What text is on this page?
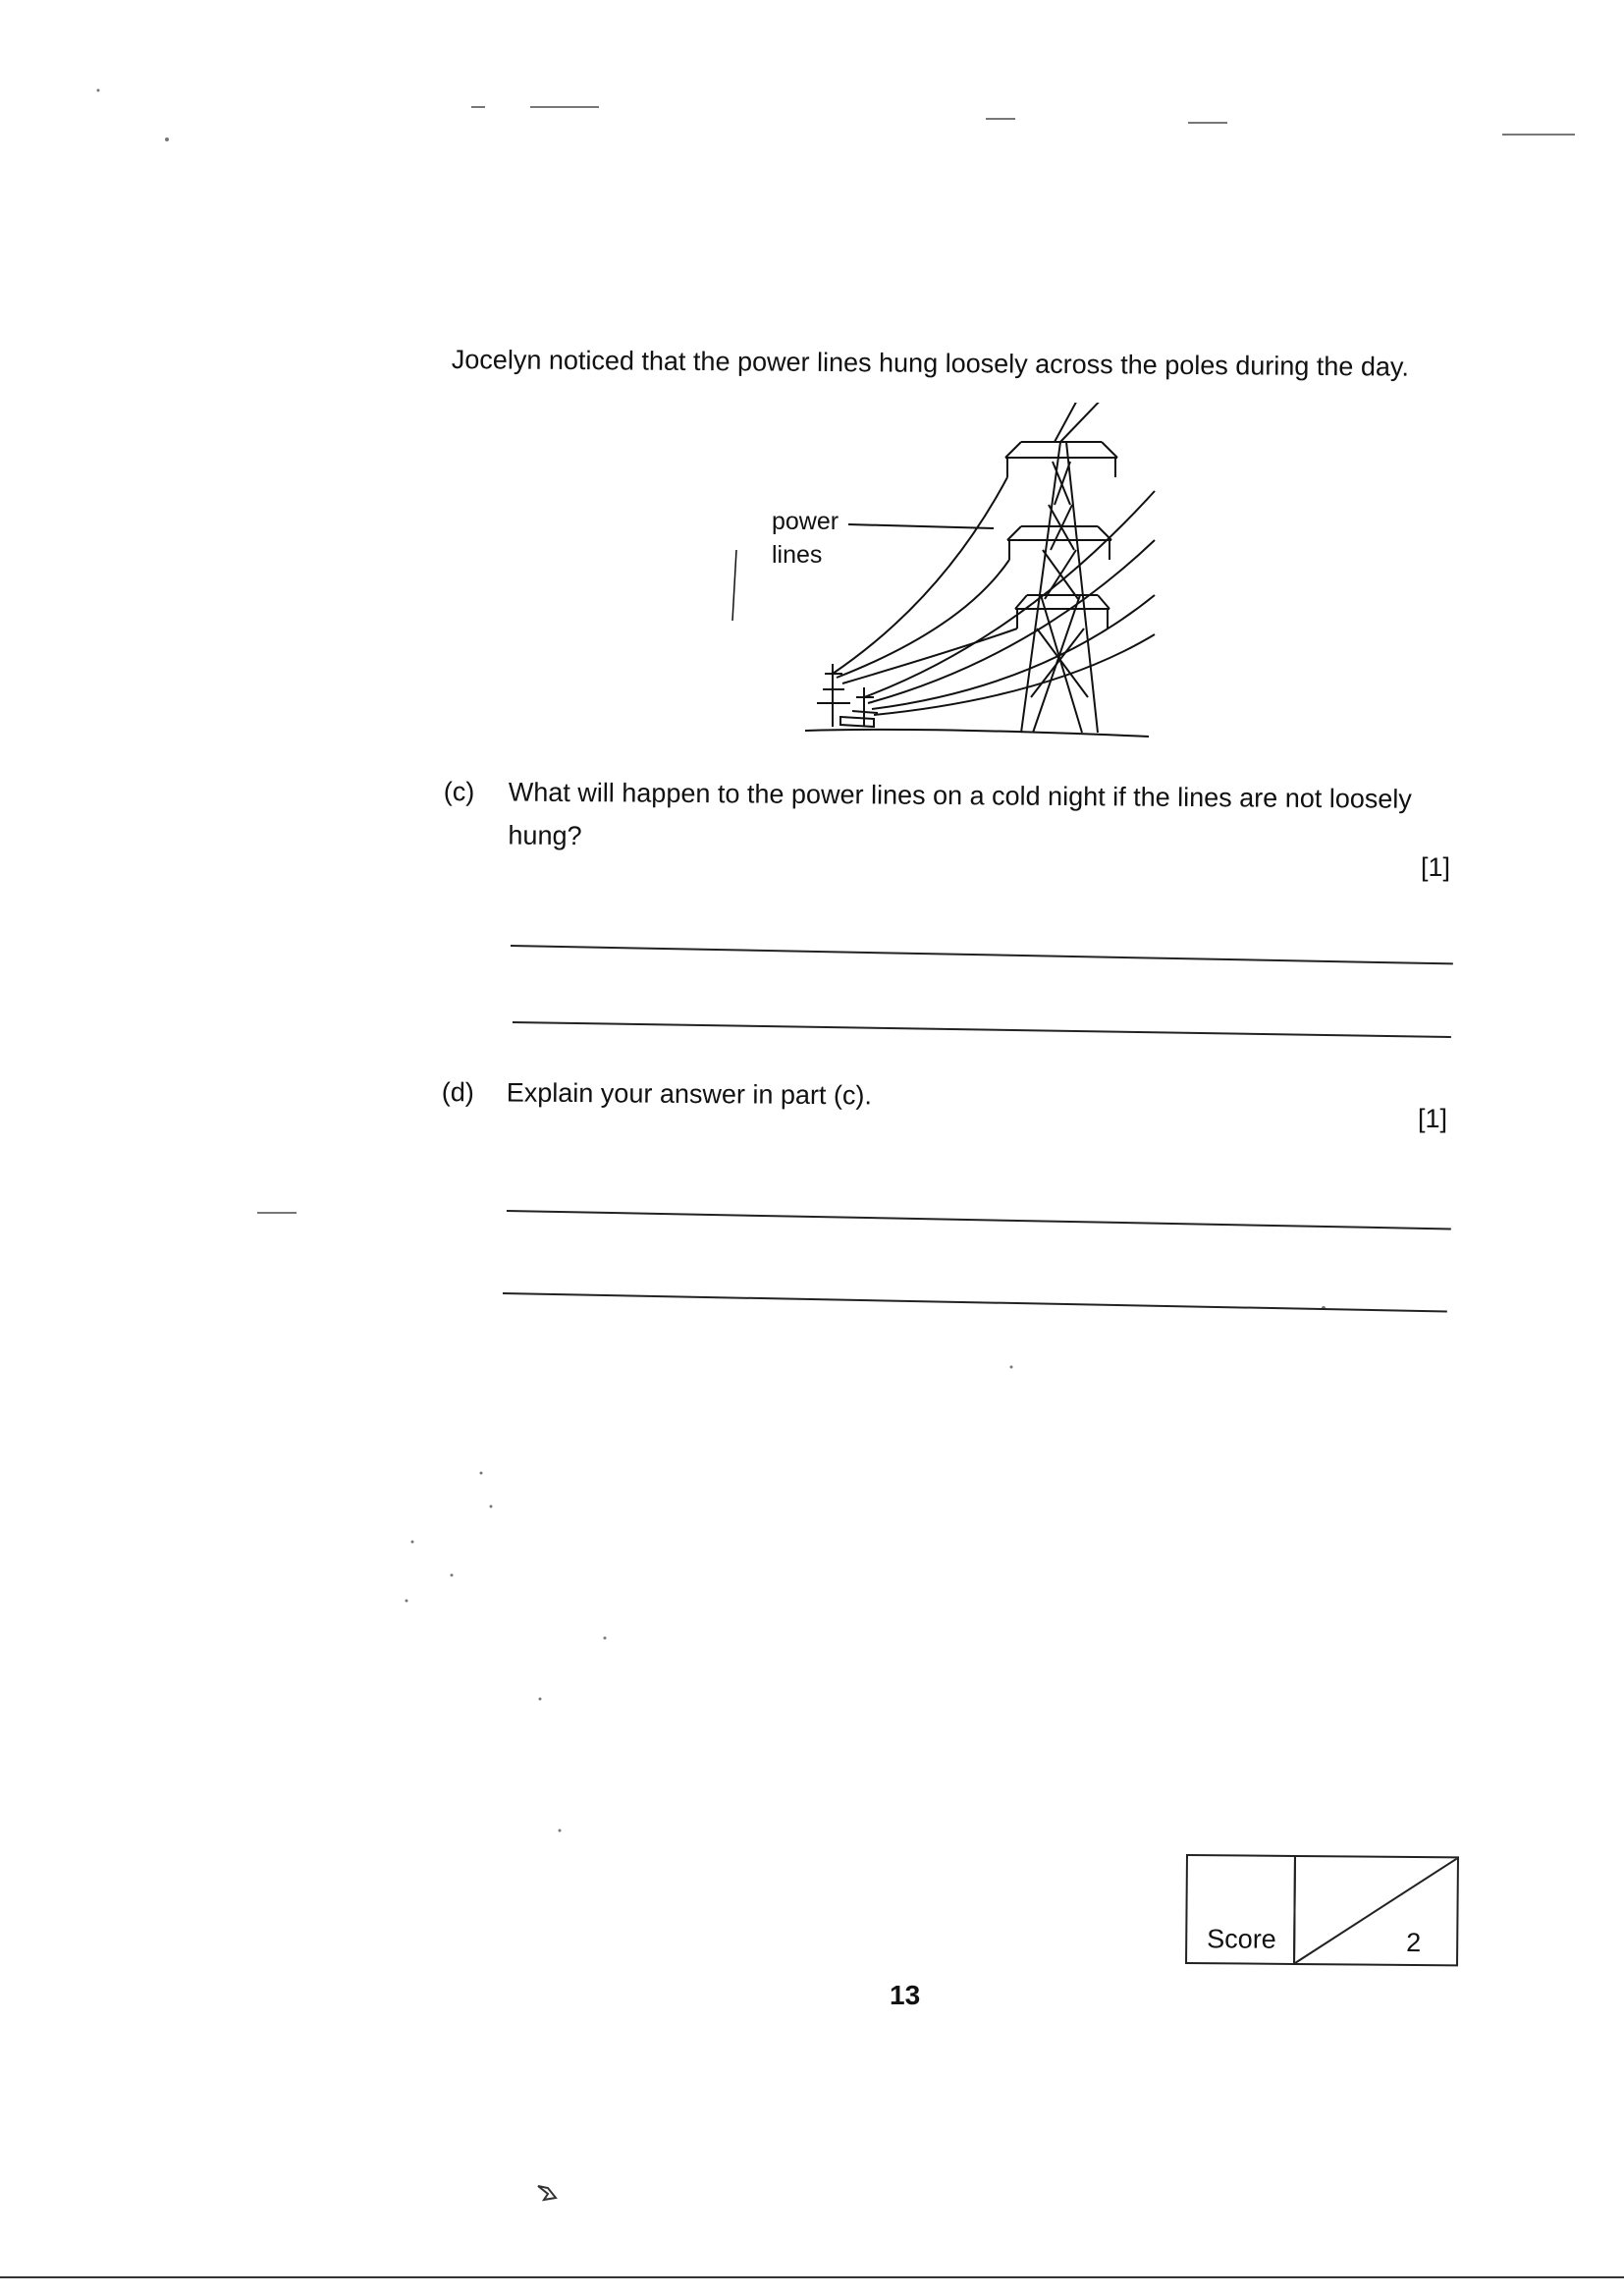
Jocelyn noticed that the power lines hung loosely across the poles during the day.
power
lines
(c) What will happen to the power lines on a cold night if the lines are not loosely hung?
[1]
(d) Explain your answer in part (c).
[1]
Score	2
13
